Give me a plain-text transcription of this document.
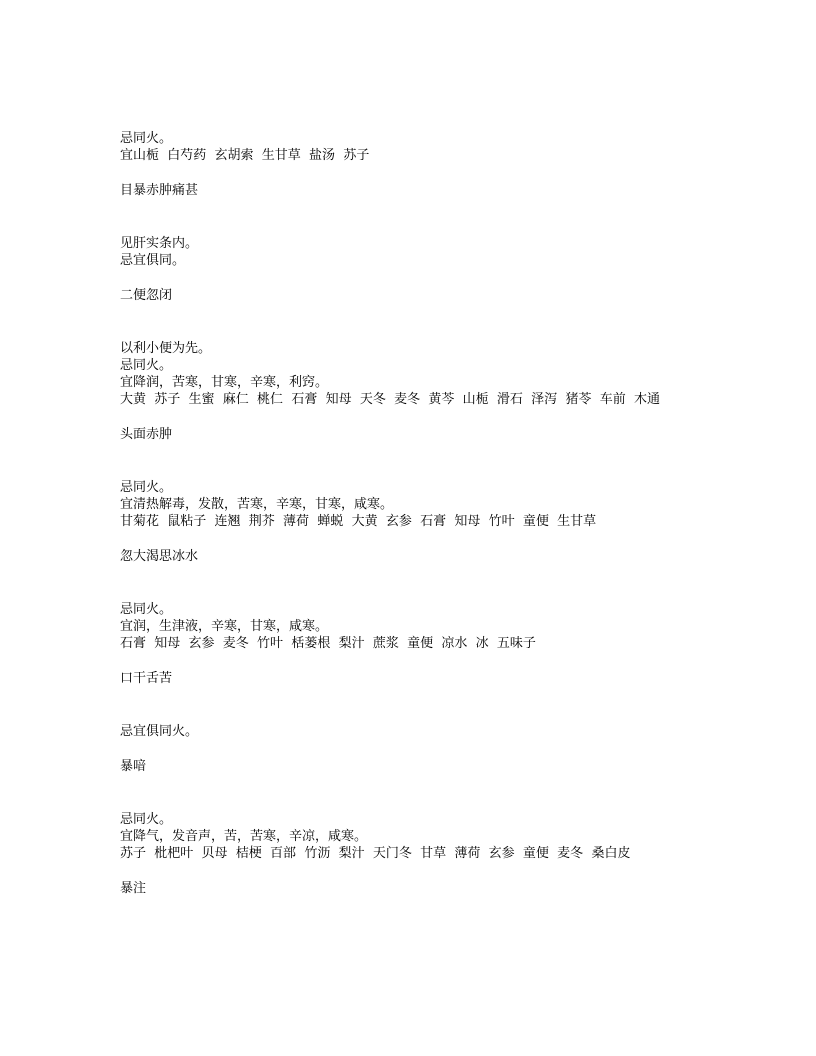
忌同火。
宜山栀  白芍药  玄胡索  生甘草  盐汤  苏子
目暴赤肿痛甚
见肝实条内。
忌宜俱同。
二便忽闭
以利小便为先。
忌同火。
宜降润，苦寒，甘寒，辛寒，利窍。
大黄  苏子  生蜜  麻仁  桃仁  石膏  知母  天冬  麦冬  黄芩  山栀  滑石  泽泻  猪苓  车前  木通
头面赤肿
忌同火。
宜清热解毒，发散，苦寒，辛寒，甘寒，咸寒。
甘菊花  鼠粘子  连翘  荆芥  薄荷  蝉蜕  大黄  玄参  石膏  知母  竹叶  童便  生甘草
忽大渴思冰水
忌同火。
宜润，生津液，辛寒，甘寒，咸寒。
石膏  知母  玄参  麦冬  竹叶  栝蒌根  梨汁  蔗浆  童便  凉水  冰  五味子
口干舌苦
忌宜俱同火。
暴喑
忌同火。
宜降气，发音声，苦，苦寒，辛凉，咸寒。
苏子  枇杷叶  贝母  桔梗  百部  竹沥  梨汁  天门冬  甘草  薄荷  玄参  童便  麦冬  桑白皮
暴注
